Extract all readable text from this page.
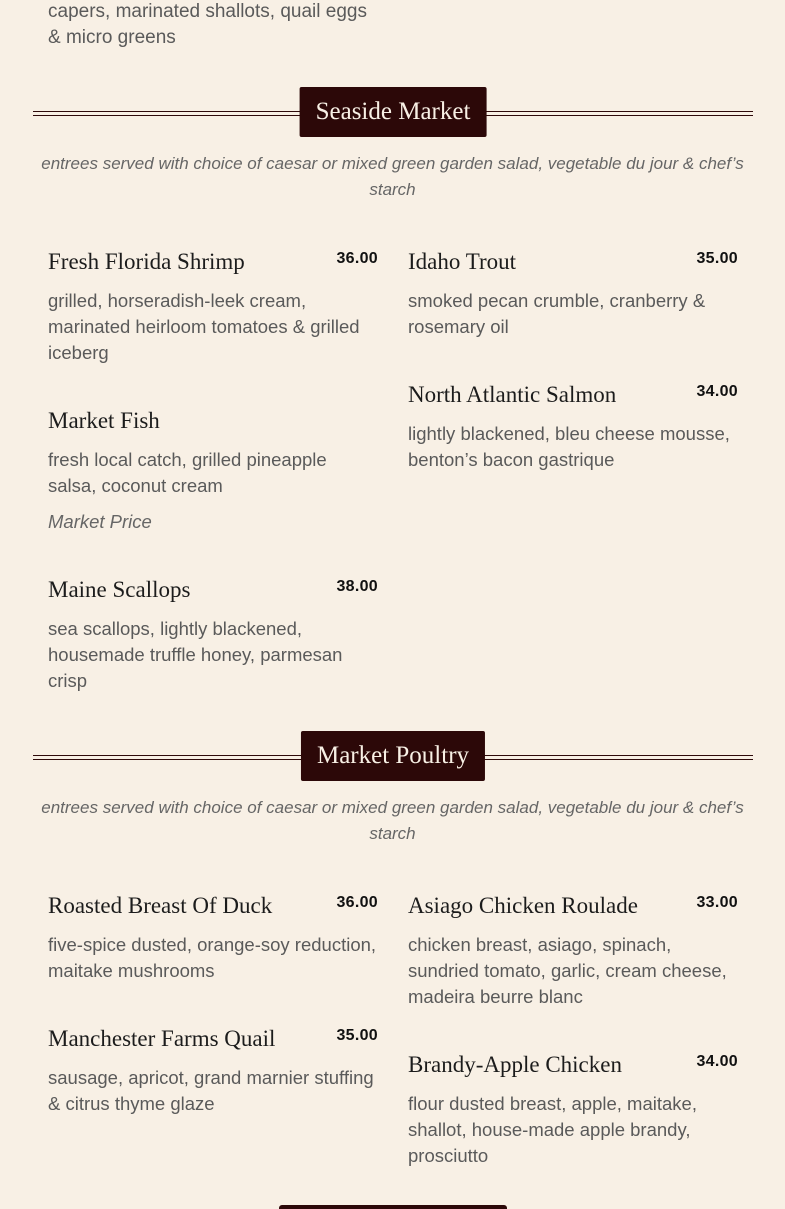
capers, marinated shallots, quail eggs & micro greens
Seaside Market
entrees served with choice of caesar or mixed green garden salad, vegetable du jour & chef’s starch
Fresh Florida Shrimp	36.00
grilled, horseradish-leek cream, marinated heirloom tomatoes & grilled iceberg
Idaho Trout	35.00
smoked pecan crumble, cranberry & rosemary oil
Market Fish
fresh local catch, grilled pineapple salsa, coconut cream
Market Price
North Atlantic Salmon	34.00
lightly blackened, bleu cheese mousse, benton’s bacon gastrique
Maine Scallops	38.00
sea scallops, lightly blackened, housemade truffle honey, parmesan crisp
Market Poultry
entrees served with choice of caesar or mixed green garden salad, vegetable du jour & chef’s starch
Roasted Breast Of Duck	36.00
five-spice dusted, orange-soy reduction, maitake mushrooms
Asiago Chicken Roulade	33.00
chicken breast, asiago, spinach, sundried tomato, garlic, cream cheese, madeira beurre blanc
Manchester Farms Quail	35.00
sausage, apricot, grand marnier stuffing & citrus thyme glaze
Brandy-Apple Chicken	34.00
flour dusted breast, apple, maitake, shallot, house-made apple brandy, prosciutto
